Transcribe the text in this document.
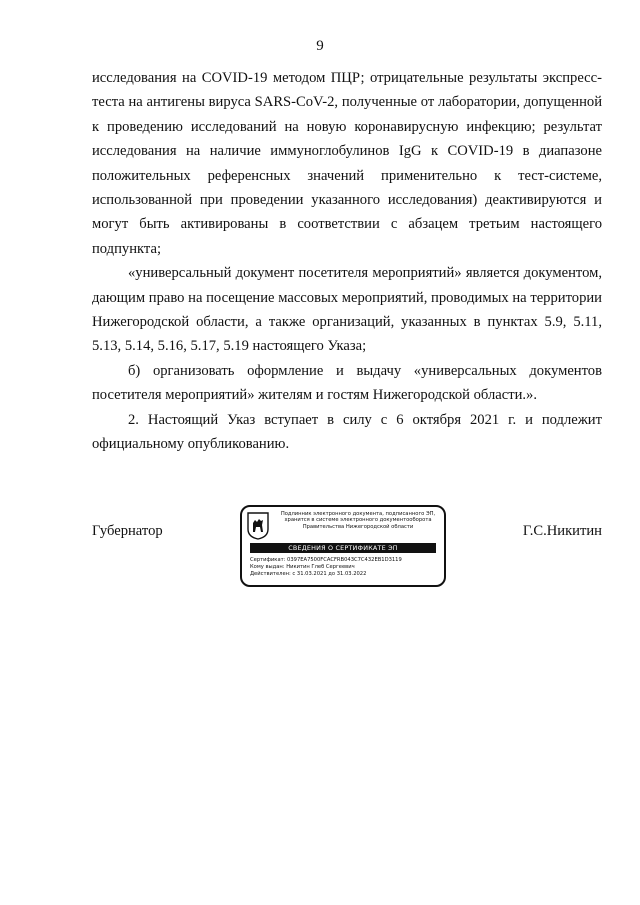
9

исследования на COVID-19 методом ПЦР; отрицательные результаты экспресс-теста на антигены вируса SARS-CoV-2, полученные от лаборатории, допущенной к проведению исследований на новую коронавирусную инфекцию; результат исследования на наличие иммуноглобулинов IgG к COVID-19 в диапазоне положительных референсных значений применительно к тест-системе, использованной при проведении указанного исследования) деактивируются и могут быть активированы в соответствии с абзацем третьим настоящего подпункта;

«универсальный документ посетителя мероприятий» является документом, дающим право на посещение массовых мероприятий, проводимых на территории Нижегородской области, а также организаций, указанных в пунктах 5.9, 5.11, 5.13, 5.14, 5.16, 5.17, 5.19 настоящего Указа;

б) организовать оформление и выдачу «универсальных документов посетителя мероприятий» жителям и гостям Нижегородской области.».

2. Настоящий Указ вступает в силу с 6 октября 2021 г. и подлежит официальному опубликованию.

Губернатор
Подлинник электронного документа, подписанного ЭП,
хранится в системе электронного документооборота
Правительства Нижегородской области
СВЕДЕНИЯ О СЕРТИФИКАТЕ ЭП
Сертификат: 0397EA7500FCACFRB043C7C432EB1D3119
Кому выдан: Никитин Глеб Сергеевич
Действителен: с 31.03.2021 до 31.03.2022
Г.С.Никитин
